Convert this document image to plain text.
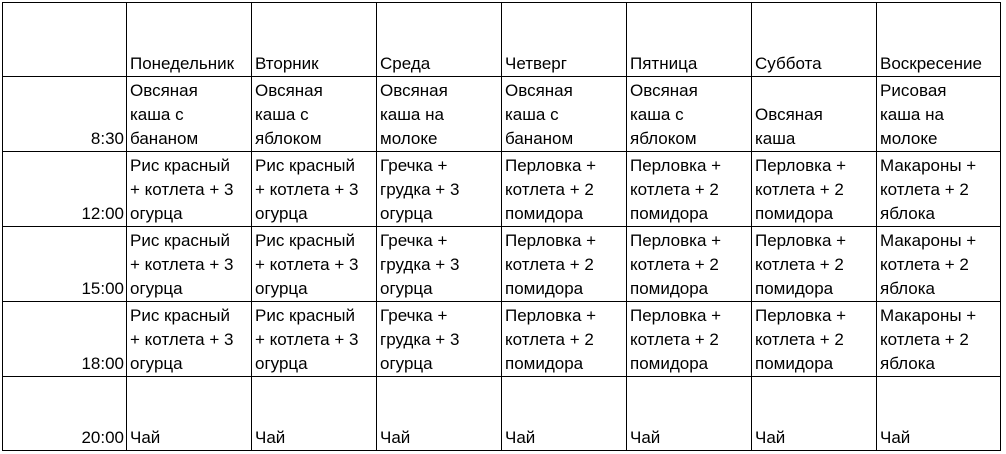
	Понедельник	Вторник	Среда	Четверг	Пятница	Суббота	Воскресение
8:30	Овсяная
каша с
бананом	Овсяная
каша с
яблоком	Овсяная
каша на
молоке	Овсяная
каша с
бананом	Овсяная
каша с
яблоком	Овсяная
каша	Рисовая
каша на
молоке

12:00	Рис красный
+ котлета + 3
огурца	Рис красный
+ котлета + 3
огурца	Гречка +
грудка + 3
огурца	Перловка +
котлета + 2
помидора	Перловка +
котлета + 2
помидора	Перловка +
котлета + 2
помидора	Макароны +
котлета + 2
яблока

15:00	Рис красный
+ котлета + 3
огурца	Рис красный
+ котлета + 3
огурца	Гречка +
грудка + 3
огурца	Перловка +
котлета + 2
помидора	Перловка +
котлета + 2
помидора	Перловка +
котлета + 2
помидора	Макароны +
котлета + 2
яблока

18:00	Рис красный
+ котлета + 3
огурца	Рис красный
+ котлета + 3
огурца	Гречка +
грудка + 3
огурца	Перловка +
котлета + 2
помидора	Перловка +
котлета + 2
помидора	Перловка +
котлета + 2
помидора	Макароны +
котлета + 2
яблока

20:00	Чай	Чай	Чай	Чай	Чай	Чай	Чай
